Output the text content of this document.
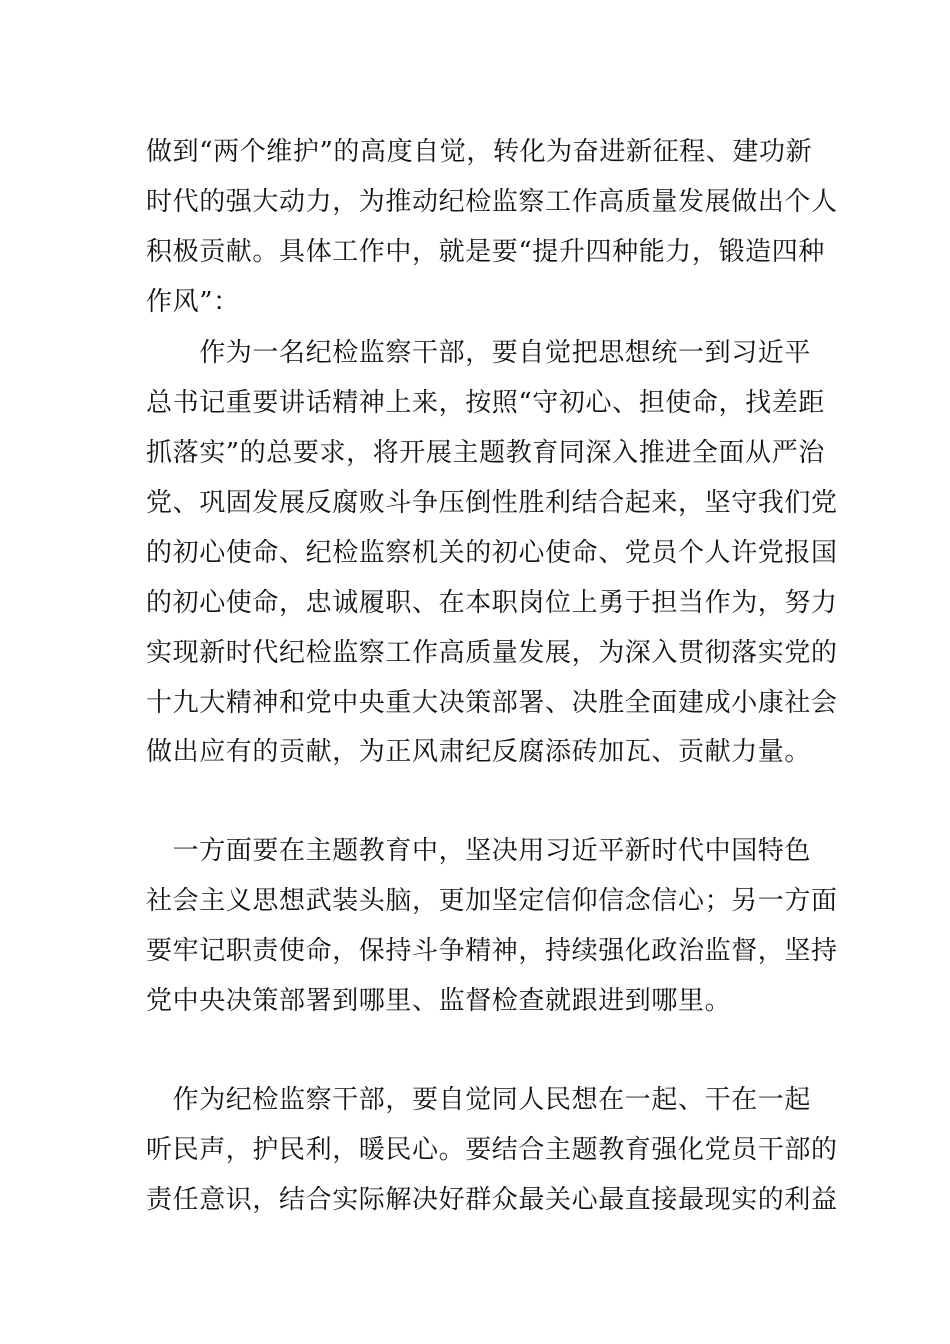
做到“两个维护”的高度自觉，转化为奋进新征程、建功新
时代的强大动力，为推动纪检监察工作高质量发展做出个人
积极贡献。具体工作中，就是要“提升四种能力，锻造四种
作风”：
　　作为一名纪检监察干部，要自觉把思想统一到习近平
总书记重要讲话精神上来，按照“守初心、担使命，找差距
抓落实”的总要求，将开展主题教育同深入推进全面从严治
党、巩固发展反腐败斗争压倒性胜利结合起来，坚守我们党
的初心使命、纪检监察机关的初心使命、党员个人许党报国
的初心使命，忠诚履职、在本职岗位上勇于担当作为，努力
实现新时代纪检监察工作高质量发展，为深入贯彻落实党的
十九大精神和党中央重大决策部署、决胜全面建成小康社会
做出应有的贡献，为正风肃纪反腐添砖加瓦、贡献力量。
　一方面要在主题教育中，坚决用习近平新时代中国特色
社会主义思想武装头脑，更加坚定信仰信念信心；另一方面
要牢记职责使命，保持斗争精神，持续强化政治监督，坚持
党中央决策部署到哪里、监督检查就跟进到哪里。
　作为纪检监察干部，要自觉同人民想在一起、干在一起
听民声，护民利，暖民心。要结合主题教育强化党员干部的
责任意识，结合实际解决好群众最关心最直接最现实的利益
